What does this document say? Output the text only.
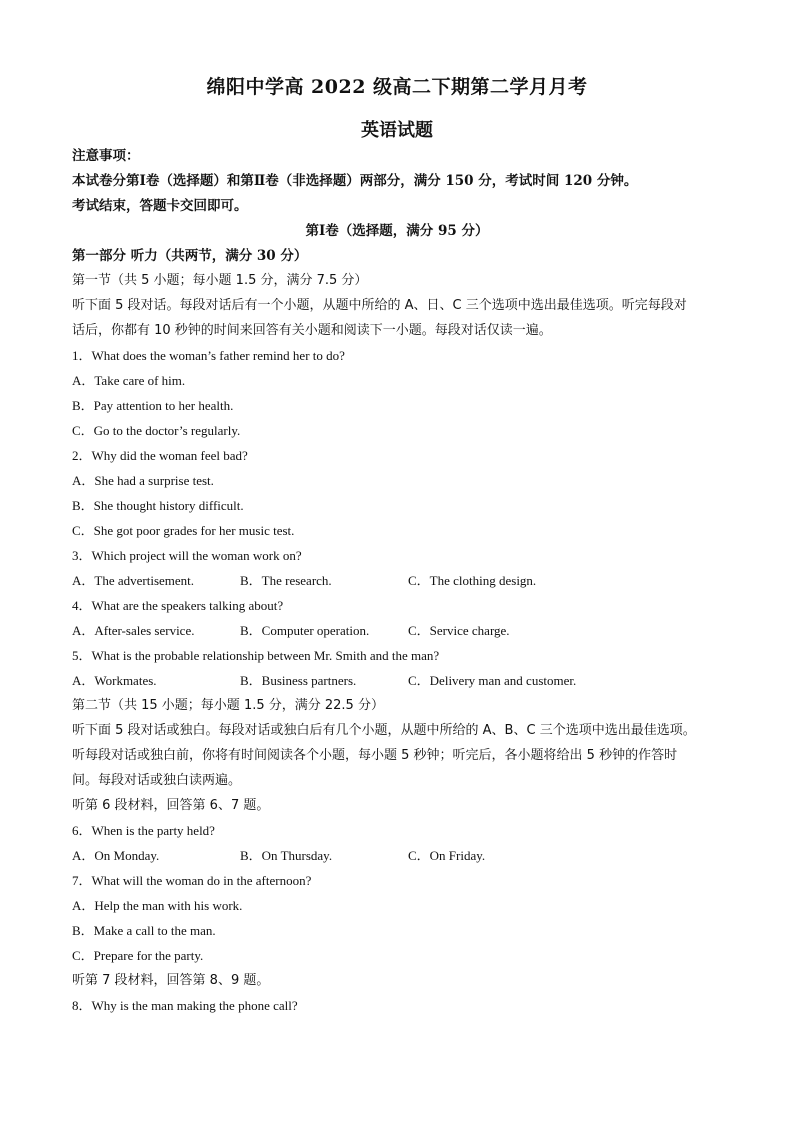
绵阳中学高 2022 级高二下期第二学月月考
英语试题
注意事项：
本试卷分第Ⅰ卷（选择题）和第Ⅱ卷（非选择题）两部分，满分 150 分，考试时间 120 分钟。
考试结束，答题卡交回即可。
第Ⅰ卷（选择题，满分 95 分）
第一部分 听力（共两节，满分 30 分）
第一节（共 5 小题；每小题 1.5 分，满分 7.5 分）
听下面 5 段对话。每段对话后有一个小题，从题中所给的 A、日、C 三个选项中选出最佳选项。听完每段对
话后，你都有 10 秒钟的时间来回答有关小题和阅读下一小题。每段对话仅读一遍。
1．What does the woman’s father remind her to do?
A．Take care of him.
B．Pay attention to her health.
C．Go to the doctor’s regularly.
2．Why did the woman feel bad?
A．She had a surprise test.
B．She thought history difficult.
C．She got poor grades for her music test.
3．Which project will the woman work on?
A．The advertisement.	B．The research.	C．The clothing design.
4．What are the speakers talking about?
A．After-sales service.	B．Computer operation.	C．Service charge.
5．What is the probable relationship between Mr. Smith and the man?
A．Workmates.	B．Business partners.	C．Delivery man and customer.
第二节（共 15 小题；每小题 1.5 分，满分 22.5 分）
听下面 5 段对话或独白。每段对话或独白后有几个小题，从题中所给的 A、B、C 三个选项中选出最佳选项。
听每段对话或独白前，你将有时间阅读各个小题，每小题 5 秒钟；听完后，各小题将给出 5 秒钟的作答时
间。每段对话或独白读两遍。
听第 6 段材料，回答第 6、7 题。
6．When is the party held?
A．On Monday.	B．On Thursday.	C．On Friday.
7．What will the woman do in the afternoon?
A．Help the man with his work.
B．Make a call to the man.
C．Prepare for the party.
听第 7 段材料，回答第 8、9 题。
8．Why is the man making the phone call?
